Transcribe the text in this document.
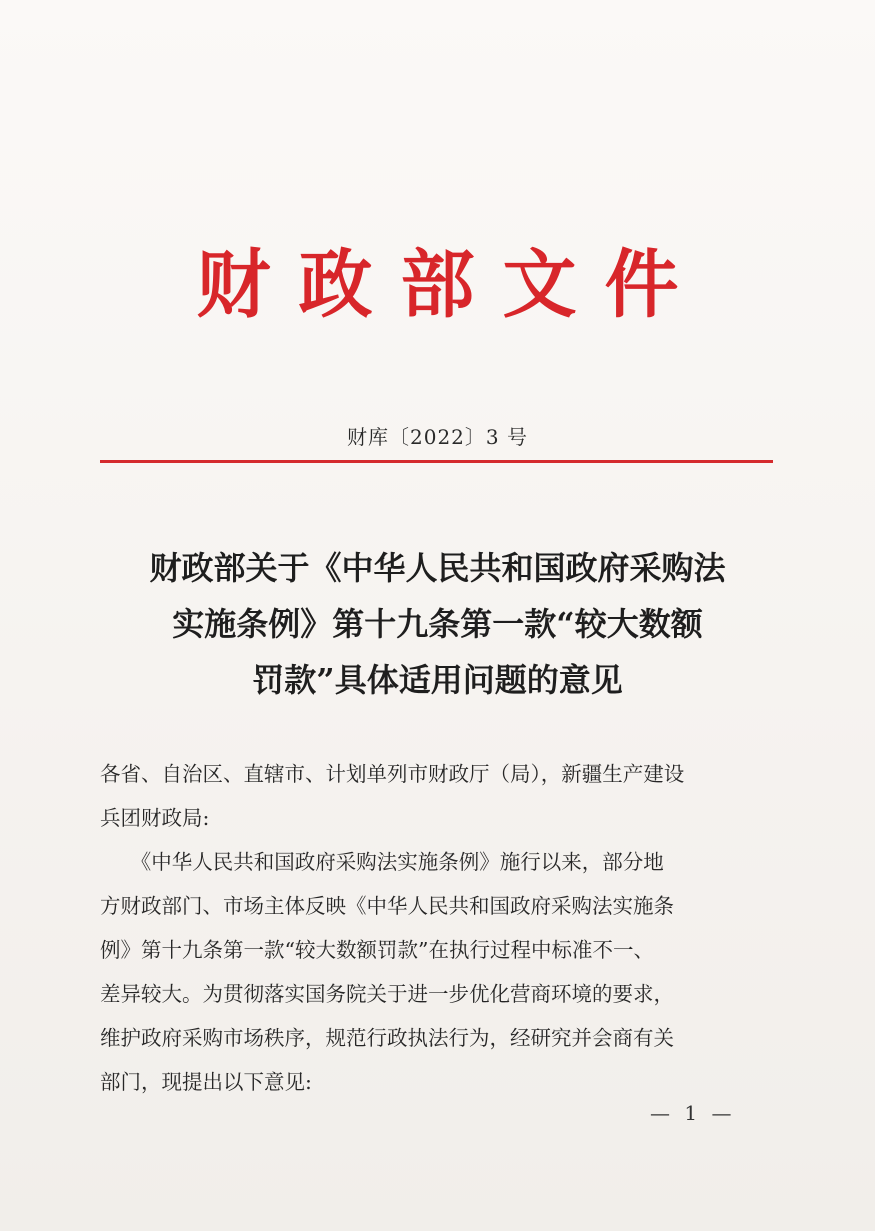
财政部文件
财库〔2022〕3 号
财政部关于《中华人民共和国政府采购法
实施条例》第十九条第一款“较大数额
罚款”具体适用问题的意见

各省、自治区、直辖市、计划单列市财政厅（局），新疆生产建设

兵团财政局:

　　《中华人民共和国政府采购法实施条例》施行以来，部分地

方财政部门、市场主体反映《中华人民共和国政府采购法实施条

例》第十九条第一款“较大数额罚款”在执行过程中标准不一、

差异较大。为贯彻落实国务院关于进一步优化营商环境的要求，

维护政府采购市场秩序，规范行政执法行为，经研究并会商有关

部门，现提出以下意见:

— 1 —
